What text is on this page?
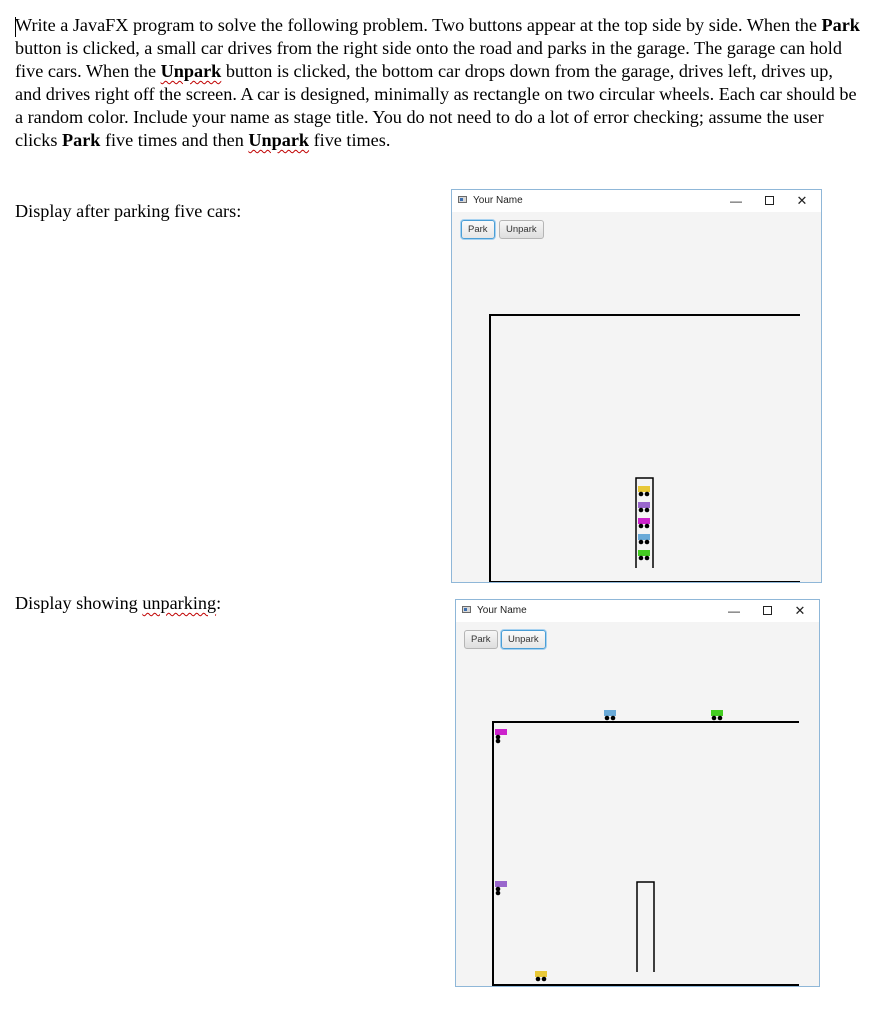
Write a JavaFX program to solve the following problem. Two buttons appear at the top side by side. When the Park button is clicked, a small car drives from the right side onto the road and parks in the garage. The garage can hold five cars. When the Unpark button is clicked, the bottom car drops down from the garage, drives left, drives up, and drives right off the screen. A car is designed, minimally as rectangle on two circular wheels. Each car should be a random color. Include your name as stage title. You do not need to do a lot of error checking; assume the user clicks Park five times and then Unpark five times.
Display after parking five cars:
Display showing unparking:
Your Name	—	✕
Park	Unpark
Your Name	—	✕
Park	Unpark
